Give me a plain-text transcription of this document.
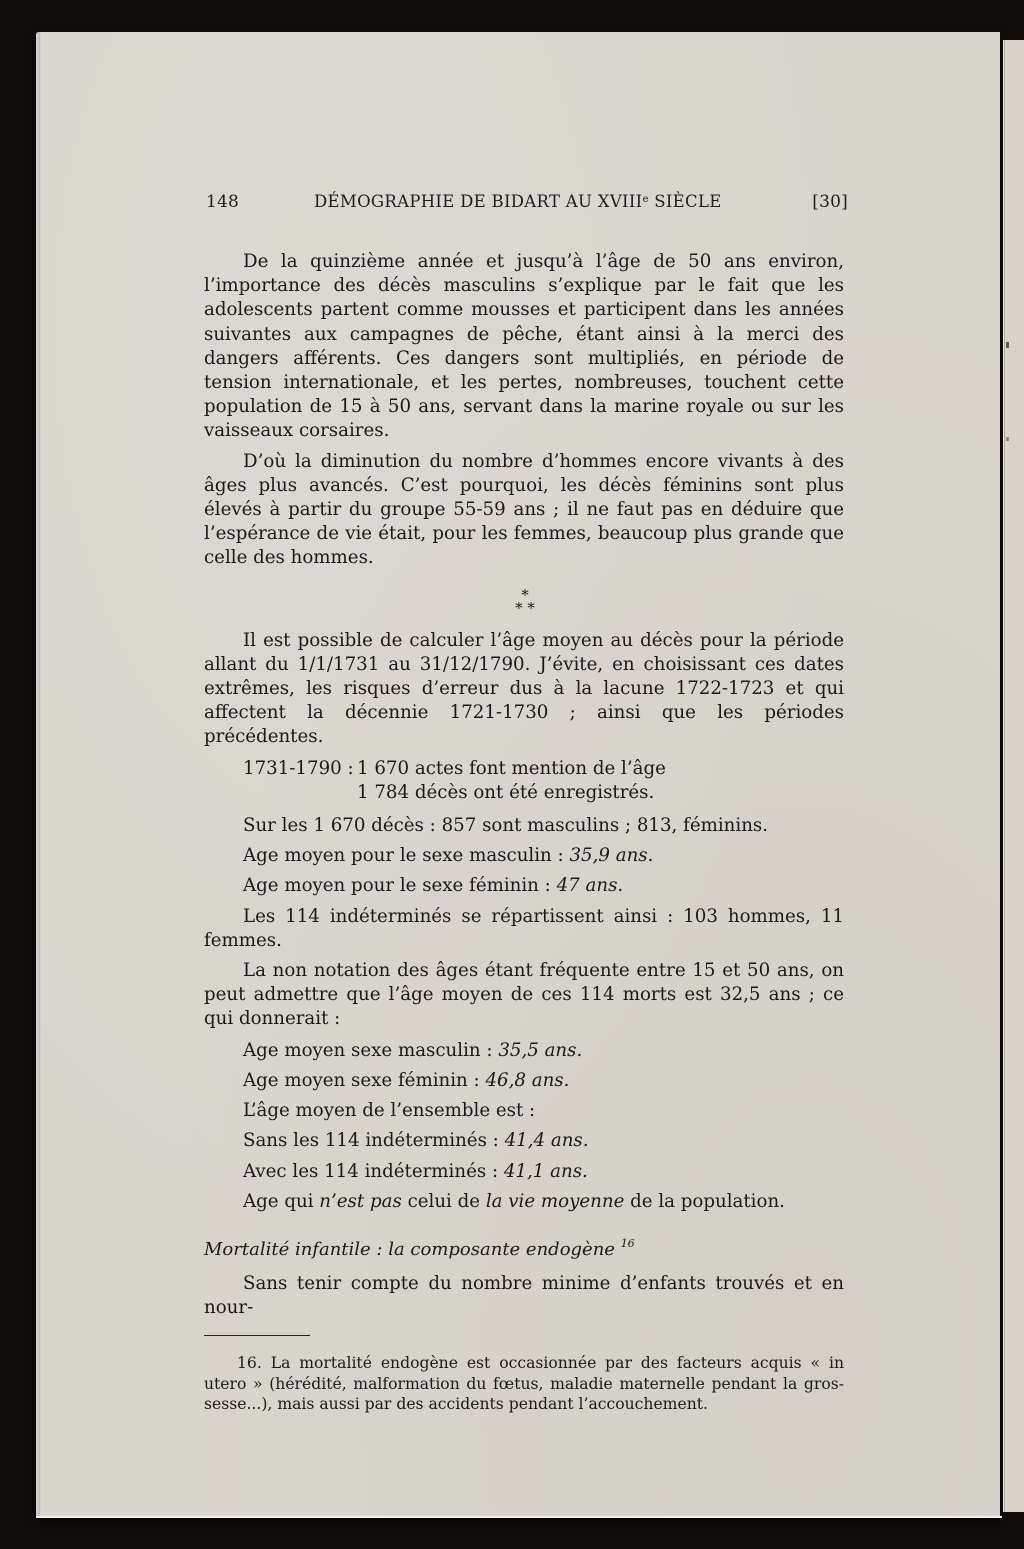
148	DÉMOGRAPHIE DE BIDART AU XVIIIe SIÈCLE	[30]

De la quinzième année et jusqu’à l’âge de 50 ans environ, l’importance des décès masculins s’explique par le fait que les adolescents partent comme mousses et participent dans les années suivantes aux campagnes de pêche, étant ainsi à la merci des dangers afférents. Ces dangers sont multipliés, en période de tension internationale, et les pertes, nombreuses, touchent cette population de 15 à 50 ans, servant dans la marine royale ou sur les vaisseaux corsaires.

D’où la diminution du nombre d’hommes encore vivants à des âges plus avancés. C’est pourquoi, les décès féminins sont plus élevés à partir du groupe 55-59 ans ; il ne faut pas en déduire que l’espérance de vie était, pour les femmes, beaucoup plus grande que celle des hommes.

*
* *

Il est possible de calculer l’âge moyen au décès pour la période allant du 1/1/1731 au 31/12/1790. J’évite, en choisissant ces dates extrêmes, les risques d’erreur dus à la lacune 1722-1723 et qui affectent la décennie 1721-1730 ; ainsi que les périodes précédentes.

1731-1790 : 1 670 actes font mention de l’âge
1 784 décès ont été enregistrés.

Sur les 1 670 décès : 857 sont masculins ; 813, féminins.

Age moyen pour le sexe masculin : 35,9 ans.

Age moyen pour le sexe féminin : 47 ans.

Les 114 indéterminés se répartissent ainsi : 103 hommes, 11 femmes.

La non notation des âges étant fréquente entre 15 et 50 ans, on peut admettre que l’âge moyen de ces 114 morts est 32,5 ans ; ce qui donnerait :

Age moyen sexe masculin : 35,5 ans.

Age moyen sexe féminin : 46,8 ans.

L’âge moyen de l’ensemble est :

Sans les 114 indéterminés : 41,4 ans.

Avec les 114 indéterminés : 41,1 ans.

Age qui n’est pas celui de la vie moyenne de la population.

Mortalité infantile : la composante endogène $^{16}$

Sans tenir compte du nombre minime d’enfants trouvés et en nour-

16. La mortalité endogène est occasionnée par des facteurs acquis « in utero » (hérédité, malformation du fœtus, maladie maternelle pendant la grossesse...), mais aussi par des accidents pendant l’accouchement.
